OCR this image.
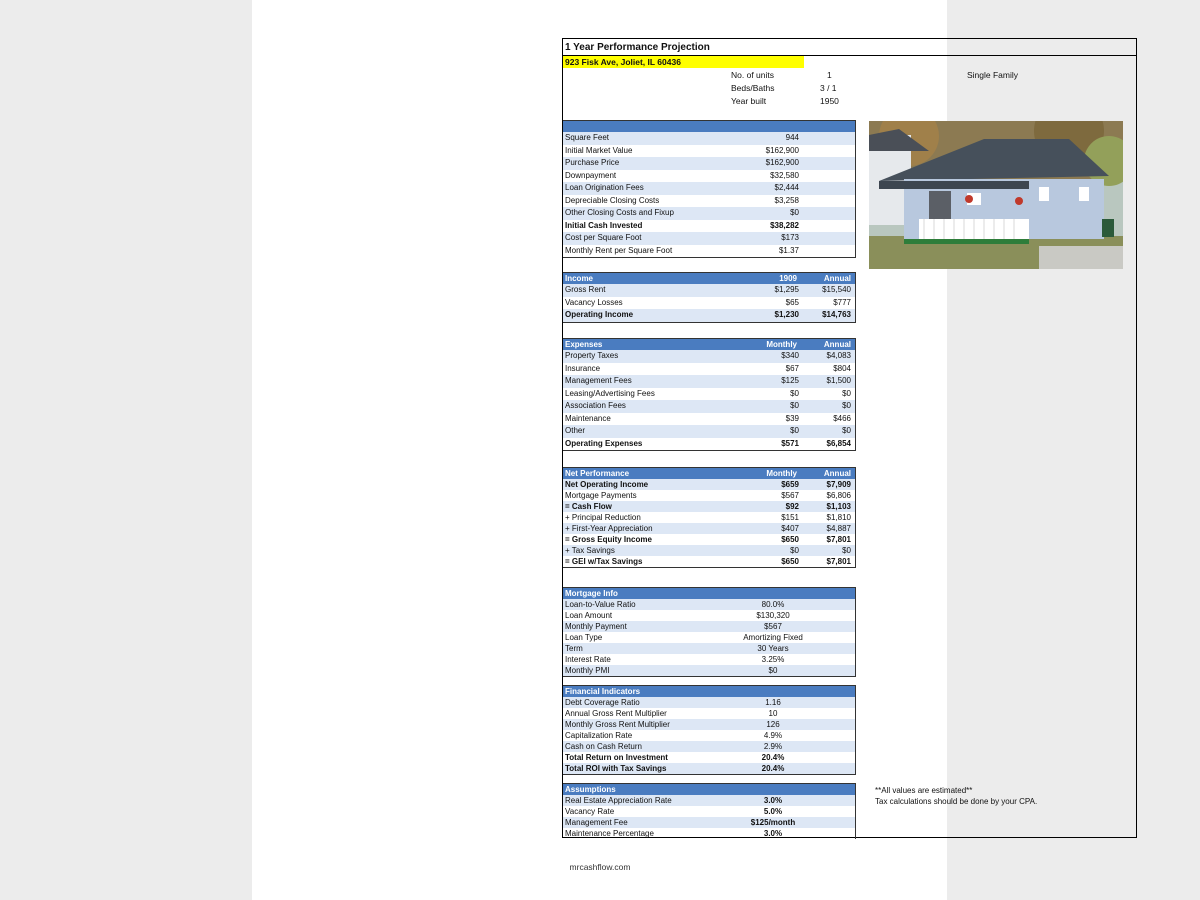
1 Year Performance Projection
923 Fisk Ave, Joliet, IL 60436
No. of units	1	Single Family
Beds/Baths	3 / 1
Year built	1950
Square Feet	944
Initial Market Value	$162,900
Purchase Price	$162,900
Downpayment	$32,580
Loan Origination Fees	$2,444
Depreciable Closing Costs	$3,258
Other Closing Costs and Fixup	$0
Initial Cash Invested	$38,282
Cost per Square Foot	$173
Monthly Rent per Square Foot	$1.37
Income	1909	Annual
Gross Rent	$1,295	$15,540
Vacancy Losses	$65	$777
Operating Income	$1,230	$14,763
Expenses	Monthly	Annual
Property Taxes	$340	$4,083
Insurance	$67	$804
Management Fees	$125	$1,500
Leasing/Advertising Fees	$0	$0
Association Fees	$0	$0
Maintenance	$39	$466
Other	$0	$0
Operating Expenses	$571	$6,854
Net Performance	Monthly	Annual
Net Operating Income	$659	$7,909
Mortgage Payments	$567	$6,806
= Cash Flow	$92	$1,103
+ Principal Reduction	$151	$1,810
+ First-Year Appreciation	$407	$4,887
= Gross Equity Income	$650	$7,801
+ Tax Savings	$0	$0
= GEI w/Tax Savings	$650	$7,801
Mortgage Info
Loan-to-Value Ratio	80.0%
Loan Amount	$130,320
Monthly Payment	$567
Loan Type	Amortizing Fixed
Term	30 Years
Interest Rate	3.25%
Monthly PMI	$0
Financial Indicators
Debt Coverage Ratio	1.16
Annual Gross Rent Multiplier	10
Monthly Gross Rent Multiplier	126
Capitalization Rate	4.9%
Cash on Cash Return	2.9%
Total Return on Investment	20.4%
Total ROI with Tax Savings	20.4%
Assumptions
Real Estate Appreciation Rate	3.0%
Vacancy Rate	5.0%
Management Fee	$125/month
Maintenance Percentage	3.0%
**All values are estimated**
Tax calculations should be done by your CPA.
mrcashflow.com
